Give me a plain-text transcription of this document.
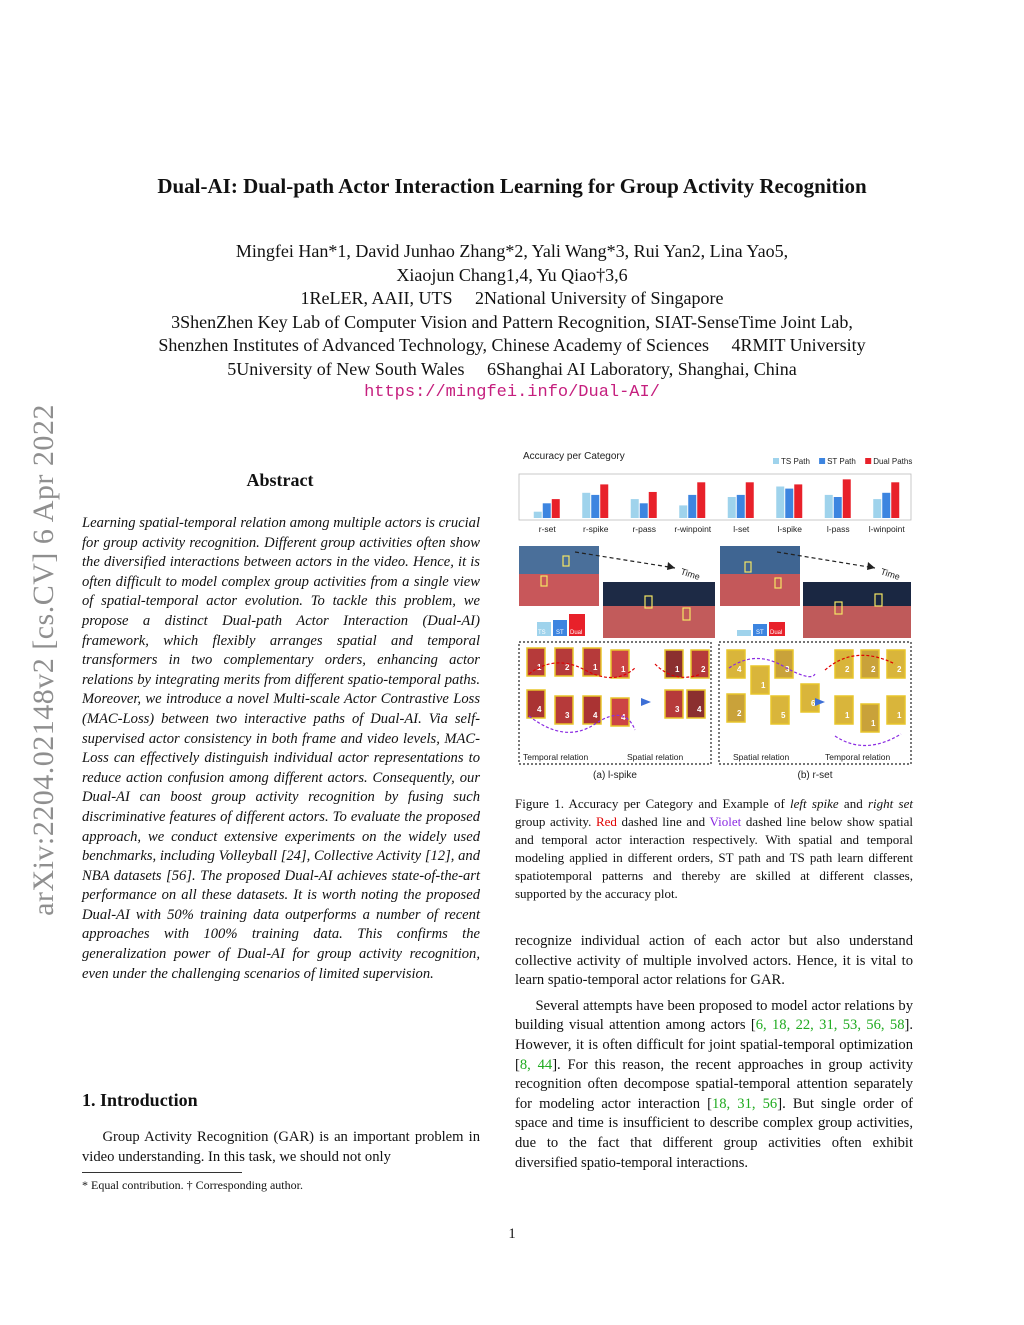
arXiv:2204.02148v2 [cs.CV] 6 Apr 2022
Dual-AI: Dual-path Actor Interaction Learning for Group Activity Recognition
Mingfei Han*1, David Junhao Zhang*2, Yali Wang*3, Rui Yan2, Lina Yao5,
Xiaojun Chang1,4, Yu Qiao†3,6
1ReLER, AAII, UTS     2National University of Singapore
3ShenZhen Key Lab of Computer Vision and Pattern Recognition, SIAT-SenseTime Joint Lab,
Shenzhen Institutes of Advanced Technology, Chinese Academy of Sciences     4RMIT University
5University of New South Wales     6Shanghai AI Laboratory, Shanghai, China
https://mingfei.info/Dual-AI/
Abstract
Learning spatial-temporal relation among multiple actors is crucial for group activity recognition. Different group activities often show the diversified interactions between actors in the video. Hence, it is often difficult to model complex group activities from a single view of spatial-temporal actor evolution. To tackle this problem, we propose a distinct Dual-path Actor Interaction (Dual-AI) framework, which flexibly arranges spatial and temporal transformers in two complementary orders, enhancing actor relations by integrating merits from different spatio-temporal paths. Moreover, we introduce a novel Multi-scale Actor Contrastive Loss (MAC-Loss) between two interactive paths of Dual-AI. Via self-supervised actor consistency in both frame and video levels, MAC-Loss can effectively distinguish individual actor representations to reduce action confusion among different actors. Consequently, our Dual-AI can boost group activity recognition by fusing such discriminative features of different actors. To evaluate the proposed approach, we conduct extensive experiments on the widely used benchmarks, including Volleyball [24], Collective Activity [12], and NBA datasets [56]. The proposed Dual-AI achieves state-of-the-art performance on all these datasets. It is worth noting the proposed Dual-AI with 50% training data outperforms a number of recent approaches with 100% training data. This confirms the generalization power of Dual-AI for group activity recognition, even under the challenging scenarios of limited supervision.
1. Introduction
Group Activity Recognition (GAR) is an important problem in video understanding. In this task, we should not only
* Equal contribution. † Corresponding author.
Accuracy per Category	TS Path ST Path Dual Paths
r-set	r-spike	r-pass r-winpoint	l-set	l-spike	l-pass l-winpoint
Time
TS ST Dual
Time
ST Dual
1	2	1	1	1	2
4
3	4
3 4
4
4
1
3
6
2	5
2	2	2
1
1
1
Temporal relation	Spatial relation	Spatial relation	Temporal relation
(a) l-spike	(b) r-set
Figure 1. Accuracy per Category and Example of left spike and right set group activity. Red dashed line and Violet dashed line below show spatial and temporal actor interaction respectively. With spatial and temporal modeling applied in different orders, ST path and TS path learn different spatiotemporal patterns and thereby are skilled at different classes, supported by the accuracy plot.

recognize individual action of each actor but also understand collective activity of multiple involved actors. Hence, it is vital to learn spatio-temporal actor relations for GAR.

Several attempts have been proposed to model actor relations by building visual attention among actors [6, 18, 22, 31, 53, 56, 58]. However, it is often difficult for joint spatial-temporal optimization [8, 44]. For this reason, the recent approaches in group activity recognition often decompose spatial-temporal attention separately for modeling actor interaction [18, 31, 56]. But single order of space and time is insufficient to describe complex group activities, due to the fact that different group activities often exhibit diversified spatio-temporal interactions.

1
